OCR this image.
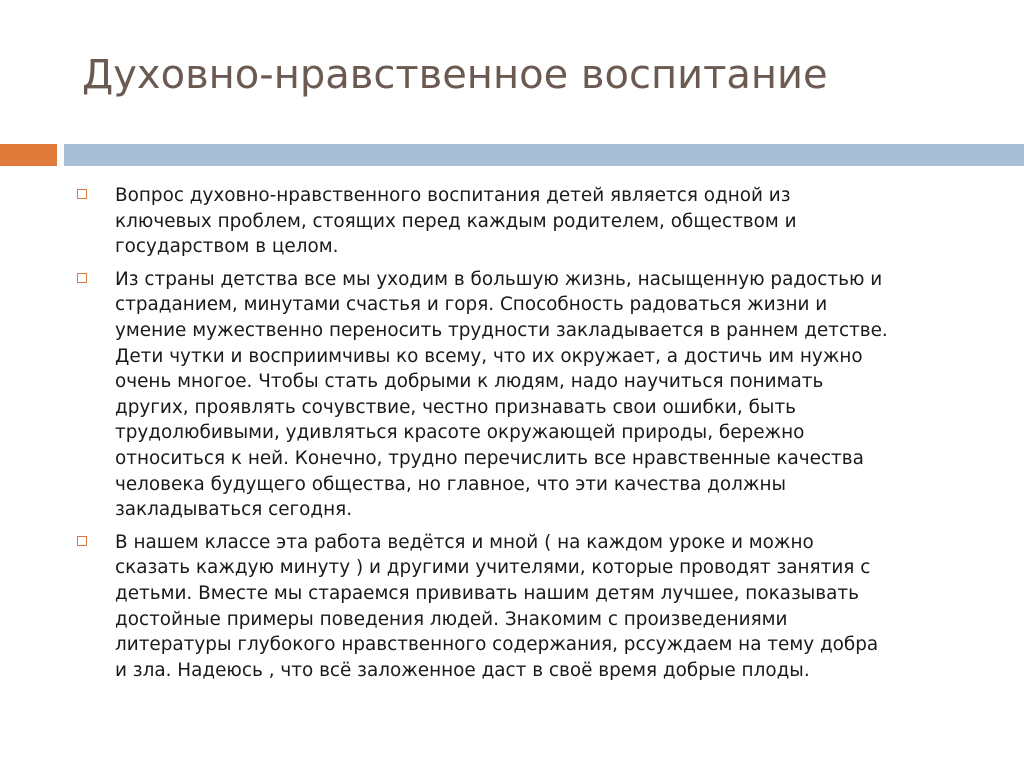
Духовно-нравственное воспитание
Вопрос духовно-нравственного воспитания детей является одной из
ключевых проблем, стоящих перед каждым родителем, обществом и
государством в целом.
Из страны детства все мы уходим в большую жизнь, насыщенную радостью и
страданием, минутами счастья и горя. Способность радоваться жизни и
умение мужественно переносить трудности закладывается в раннем детстве.
Дети чутки и восприимчивы ко всему, что их окружает, а достичь им нужно
очень многое. Чтобы стать добрыми к людям, надо научиться понимать
других, проявлять сочувствие, честно признавать свои ошибки, быть
трудолюбивыми, удивляться красоте окружающей природы, бережно
относиться к ней. Конечно, трудно перечислить все нравственные качества
человека будущего общества, но главное, что эти качества должны
закладываться сегодня.
В нашем классе эта работа ведётся и мной ( на каждом уроке и можно
сказать каждую минуту ) и другими учителями, которые проводят занятия с
детьми. Вместе мы стараемся прививать нашим детям лучшее, показывать
достойные примеры поведения людей. Знакомим с произведениями
литературы глубокого нравственного содержания, рссуждаем на тему добра
и зла. Надеюсь , что всё заложенное даст в своё время добрые плоды.
